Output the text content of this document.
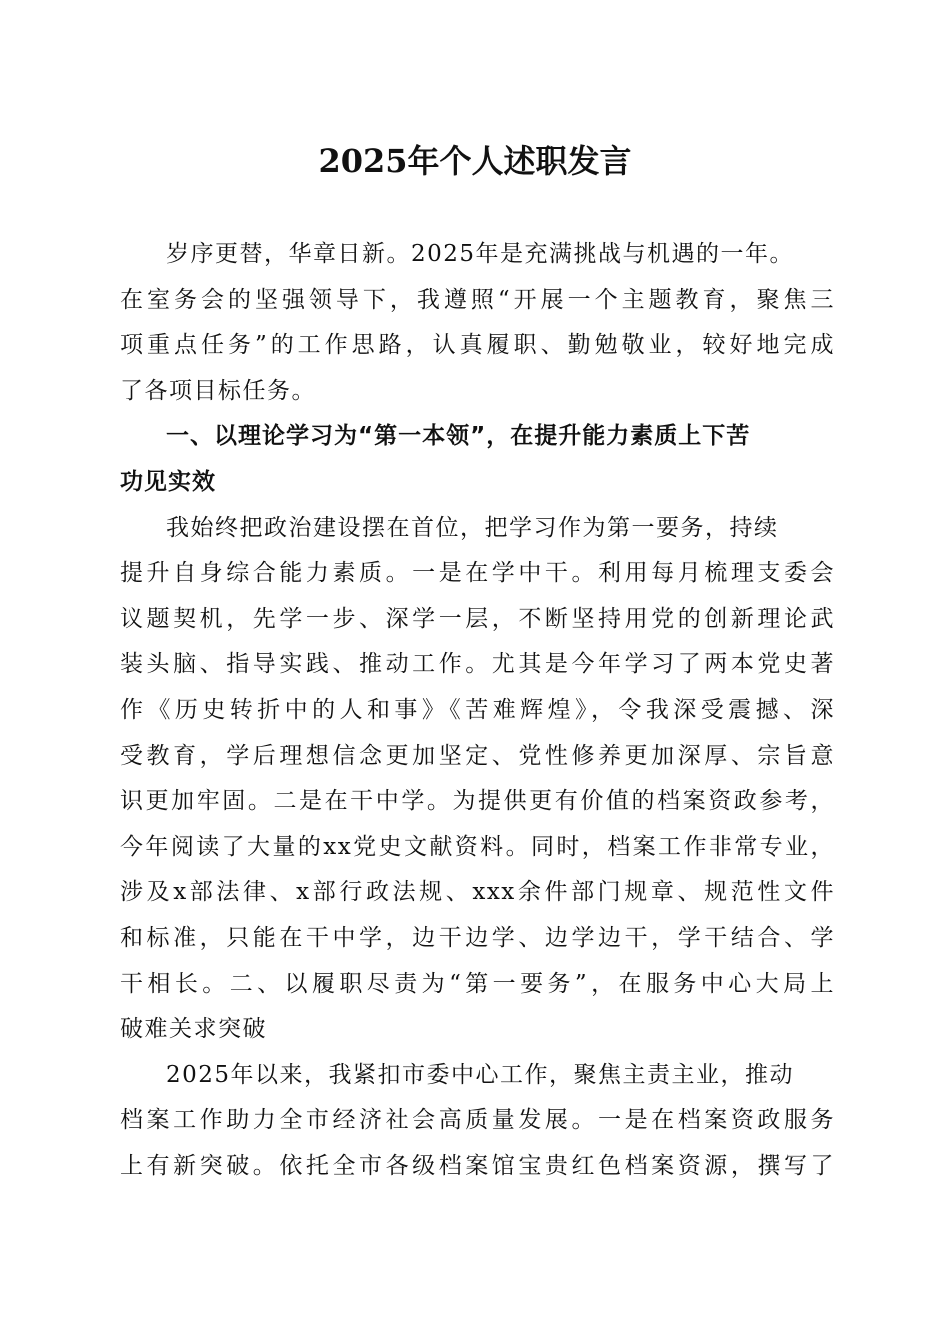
2025年个人述职发言
岁序更替，华章日新。2025年是充满挑战与机遇的一年。
在室务会的坚强领导下，我遵照“开展一个主题教育，聚焦三
项重点任务”的工作思路，认真履职、勤勉敬业，较好地完成
了各项目标任务。
一、以理论学习为“第一本领”，在提升能力素质上下苦
功见实效
我始终把政治建设摆在首位，把学习作为第一要务，持续
提升自身综合能力素质。一是在学中干。利用每月梳理支委会
议题契机，先学一步、深学一层，不断坚持用党的创新理论武
装头脑、指导实践、推动工作。尤其是今年学习了两本党史著
作《历史转折中的人和事》《苦难辉煌》，令我深受震撼、深
受教育，学后理想信念更加坚定、党性修养更加深厚、宗旨意
识更加牢固。二是在干中学。为提供更有价值的档案资政参考，
今年阅读了大量的xx党史文献资料。同时，档案工作非常专业，
涉及x部法律、x部行政法规、xxx余件部门规章、规范性文件
和标准，只能在干中学，边干边学、边学边干，学干结合、学
干相长。二、以履职尽责为“第一要务”，在服务中心大局上
破难关求突破
2025年以来，我紧扣市委中心工作，聚焦主责主业，推动
档案工作助力全市经济社会高质量发展。一是在档案资政服务
上有新突破。依托全市各级档案馆宝贵红色档案资源，撰写了
